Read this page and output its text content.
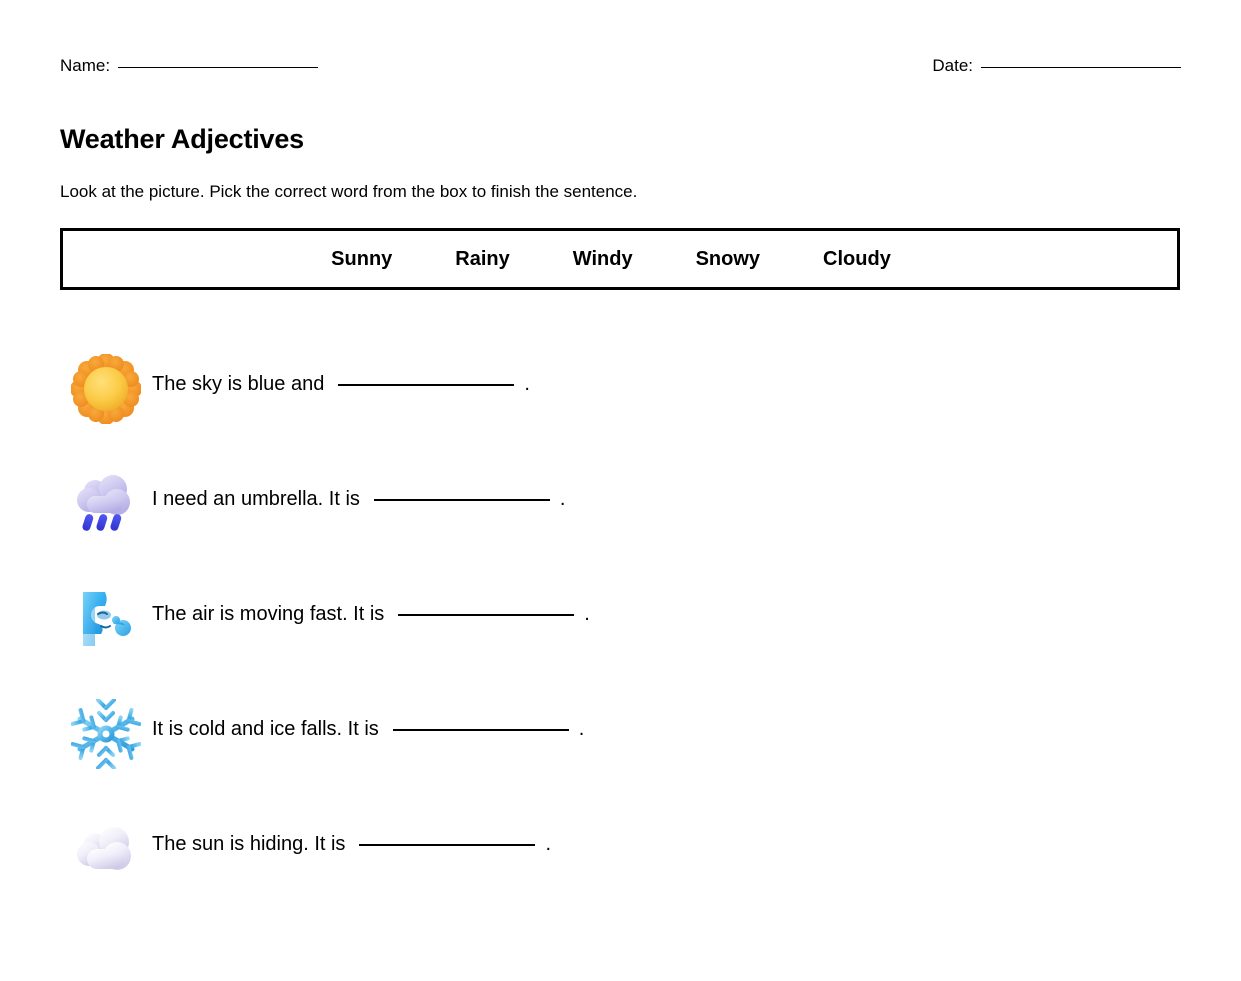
Name:	Date:
Weather Adjectives
Look at the picture. Pick the correct word from the box to finish the sentence.
Sunny	Rainy	Windy	Snowy	Cloudy
The sky is blue and	.
I need an umbrella. It is	.
The air is moving fast. It is	.
It is cold and ice falls. It is	.
The sun is hiding. It is	.
